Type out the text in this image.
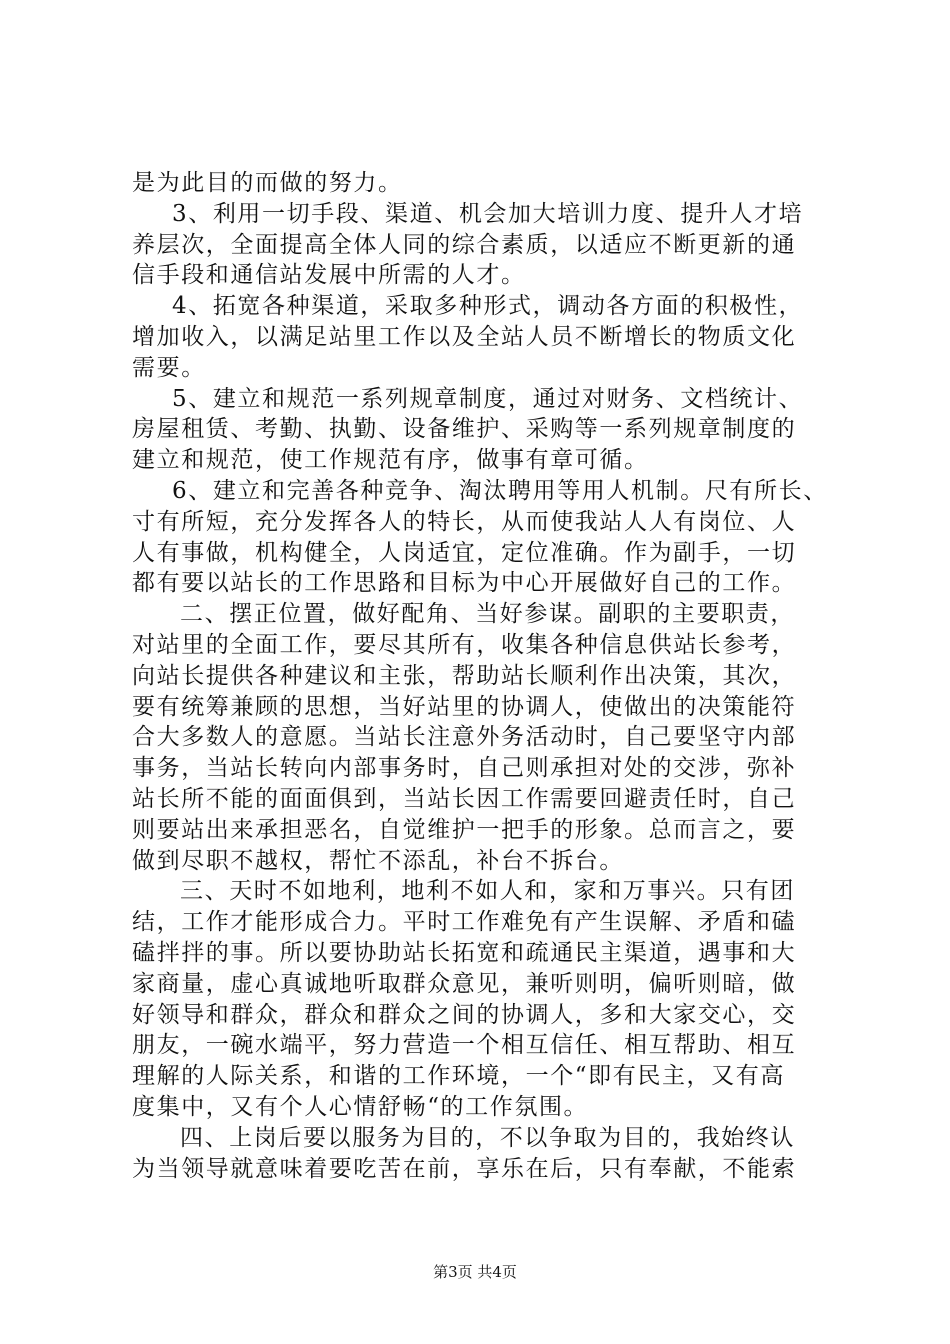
是为此目的而做的努力。
3、利用一切手段、渠道、机会加大培训力度、提升人才培
养层次，全面提高全体人同的综合素质，以适应不断更新的通
信手段和通信站发展中所需的人才。
4、拓宽各种渠道，采取多种形式，调动各方面的积极性，
增加收入，以满足站里工作以及全站人员不断增长的物质文化
需要。
5、建立和规范一系列规章制度，通过对财务、文档统计、
房屋租赁、考勤、执勤、设备维护、采购等一系列规章制度的
建立和规范，使工作规范有序，做事有章可循。
6、建立和完善各种竞争、淘汰聘用等用人机制。尺有所长、
寸有所短，充分发挥各人的特长，从而使我站人人有岗位、人
人有事做，机构健全，人岗适宜，定位准确。作为副手，一切
都有要以站长的工作思路和目标为中心开展做好自己的工作。
二、摆正位置，做好配角、当好参谋。副职的主要职责，
对站里的全面工作，要尽其所有，收集各种信息供站长参考，
向站长提供各种建议和主张，帮助站长顺利作出决策，其次，
要有统筹兼顾的思想，当好站里的协调人，使做出的决策能符
合大多数人的意愿。当站长注意外务活动时，自己要坚守内部
事务，当站长转向内部事务时，自己则承担对处的交涉，弥补
站长所不能的面面俱到，当站长因工作需要回避责任时，自己
则要站出来承担恶名，自觉维护一把手的形象。总而言之，要
做到尽职不越权，帮忙不添乱，补台不拆台。
三、天时不如地利，地利不如人和，家和万事兴。只有团
结，工作才能形成合力。平时工作难免有产生误解、矛盾和磕
磕拌拌的事。所以要协助站长拓宽和疏通民主渠道，遇事和大
家商量，虚心真诚地听取群众意见，兼听则明，偏听则暗，做
好领导和群众，群众和群众之间的协调人，多和大家交心，交
朋友，一碗水端平，努力营造一个相互信任、相互帮助、相互
理解的人际关系，和谐的工作环境，一个“即有民主，又有高
度集中，又有个人心情舒畅“的工作氛围。
四、上岗后要以服务为目的，不以争取为目的，我始终认
为当领导就意味着要吃苦在前，享乐在后，只有奉献，不能索
第3页 共4页
